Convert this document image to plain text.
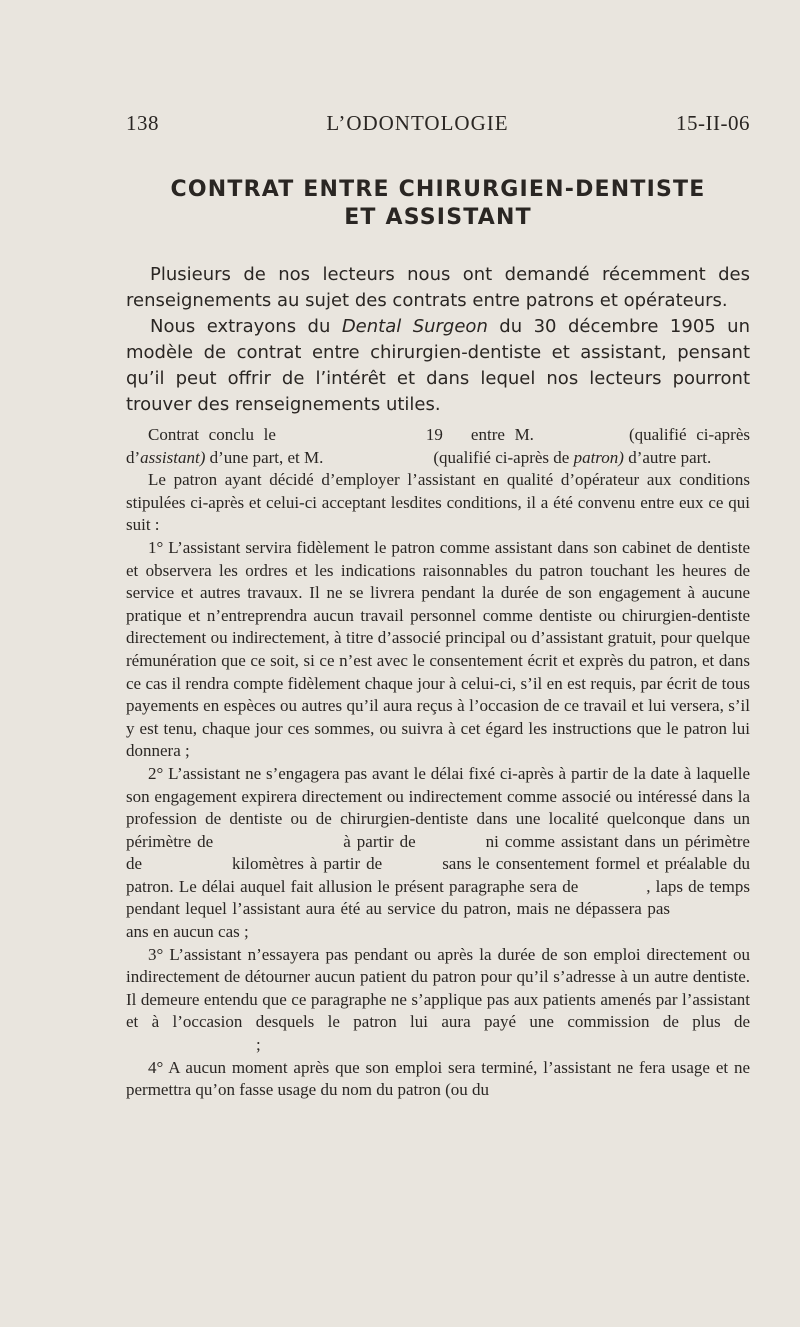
138	L’ODONTOLOGIE	15-II-06
CONTRAT ENTRE CHIRURGIEN-DENTISTE
ET ASSISTANT

Plusieurs de nos lecteurs nous ont demandé récemment des renseignements au sujet des contrats entre patrons et opérateurs.

Nous extrayons du Dental Surgeon du 30 décembre 1905 un modèle de contrat entre chirurgien-dentiste et assistant, pensant qu’il peut offrir de l’intérêt et dans lequel nos lecteurs pourront trouver des renseignements utiles.

Contrat conclu le	19 entre M.	(qualifié ci-après d’assistant) d’une part, et M.	(qualifié ci-après de patron) d’autre part.

Le patron ayant décidé d’employer l’assistant en qualité d’opérateur aux conditions stipulées ci-après et celui-ci acceptant lesdites conditions, il a été convenu entre eux ce qui suit :

1° L’assistant servira fidèlement le patron comme assistant dans son cabinet de dentiste et observera les ordres et les indications raisonnables du patron touchant les heures de service et autres travaux. Il ne se livrera pendant la durée de son engagement à aucune pratique et n’entreprendra aucun travail personnel comme dentiste ou chirurgien-dentiste directement ou indirectement, à titre d’associé principal ou d’assistant gratuit, pour quelque rémunération que ce soit, si ce n’est avec le consentement écrit et exprès du patron, et dans ce cas il rendra compte fidèlement chaque jour à celui-ci, s’il en est requis, par écrit de tous payements en espèces ou autres qu’il aura reçus à l’occasion de ce travail et lui versera, s’il y est tenu, chaque jour ces sommes, ou suivra à cet égard les instructions que le patron lui donnera ;

2° L’assistant ne s’engagera pas avant le délai fixé ci-après à partir de la date à laquelle son engagement expirera directement ou indirectement comme associé ou intéressé dans la profession de dentiste ou de chirurgien-dentiste dans une localité quelconque dans un périmètre de	à partir de	ni comme assistant dans un périmètre de	kilomètres à partir de	sans le consentement formel et préalable du patron. Le délai auquel fait allusion le présent paragraphe sera de	, laps de temps pendant lequel l’assistant aura été au service du patron, mais ne dépassera pasans en aucun cas ;

3° L’assistant n’essayera pas pendant ou après la durée de son emploi directement ou indirectement de détourner aucun patient du patron pour qu’il s’adresse à un autre dentiste. Il demeure entendu que ce paragraphe ne s’applique pas aux patients amenés par l’assistant et à l’occasion desquels le patron lui aura payé une commission de plus de;

4° A aucun moment après que son emploi sera terminé, l’assistant ne fera usage et ne permettra qu’on fasse usage du nom du patron (ou du
